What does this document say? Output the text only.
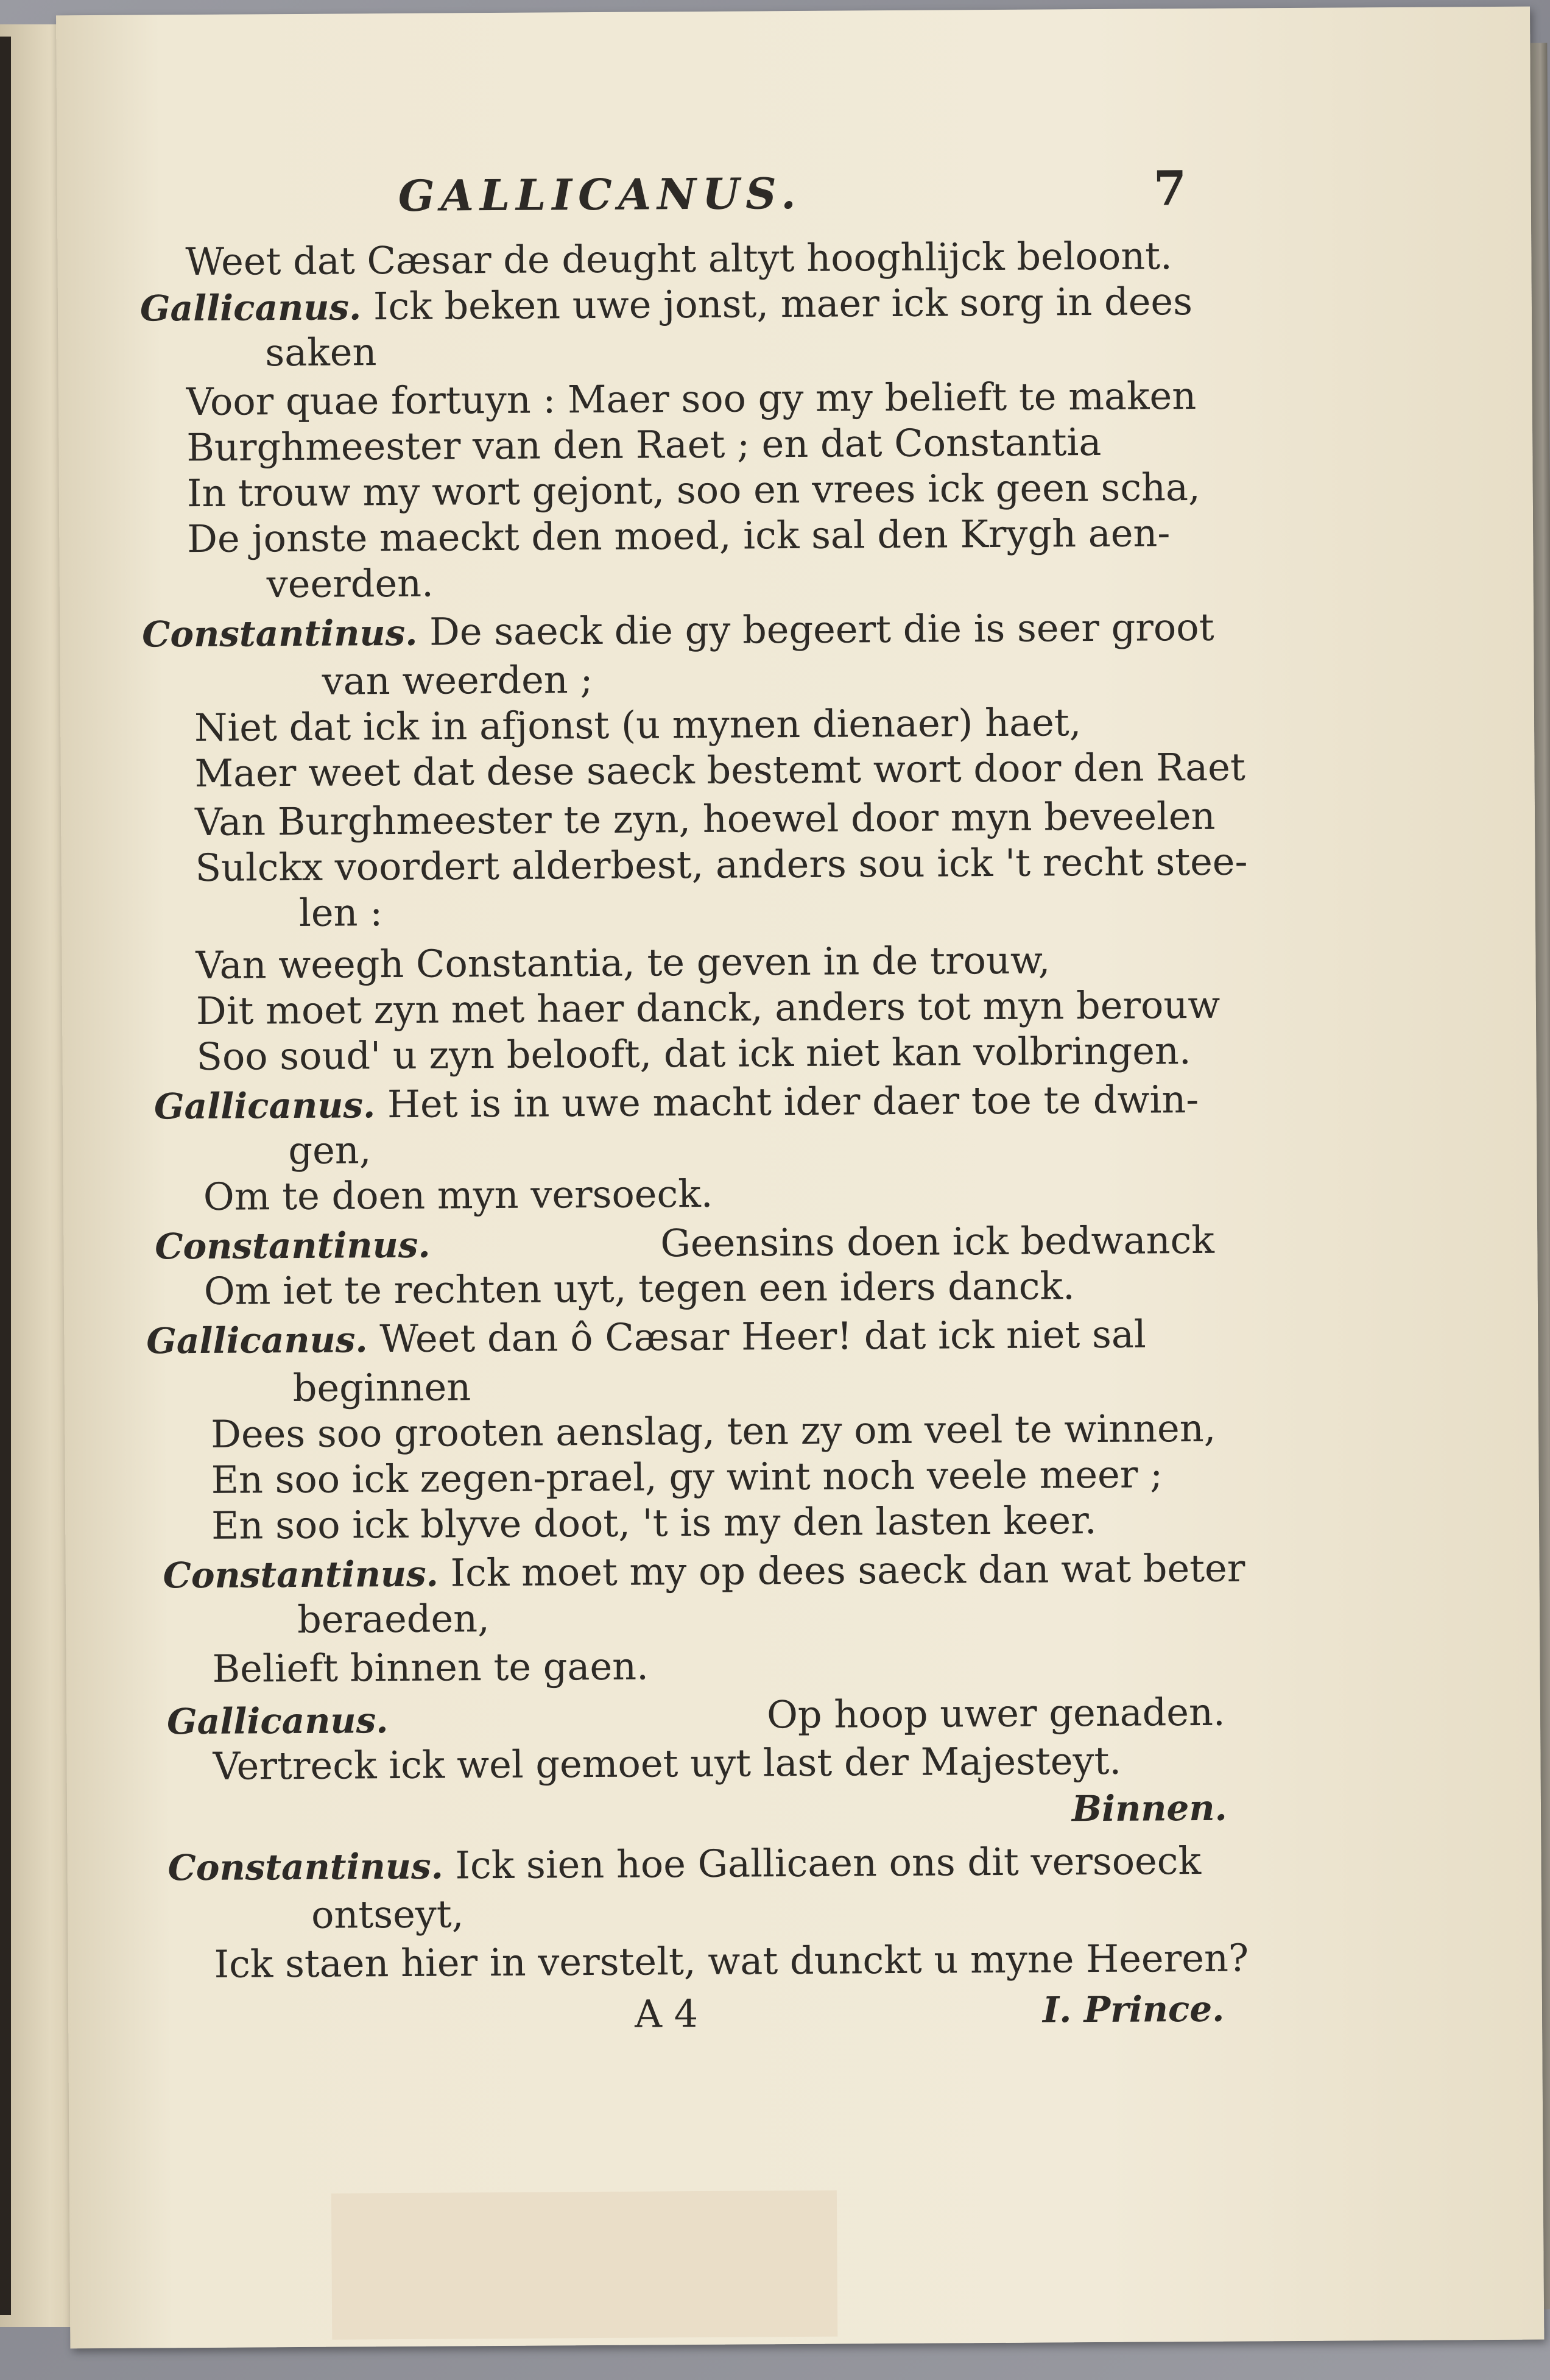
GALLICANUS.	7
Weet dat Cæsar de deught altyt hooghlijck beloont.
Gallicanus. Ick beken uwe jonst, maer ick sorg in dees
saken
Voor quae fortuyn : Maer soo gy my belieft te maken
Burghmeester van den Raet ; en dat Constantia
In trouw my wort gejont, soo en vrees ick geen scha,
De jonste maeckt den moed, ick sal den Krygh aen-
veerden.
Constantinus. De saeck die gy begeert die is seer groot
van weerden ;
Niet dat ick in afjonst (u mynen dienaer) haet,
Maer weet dat dese saeck bestemt wort door den Raet
Van Burghmeester te zyn, hoewel door myn beveelen
Sulckx voordert alderbest, anders sou ick 't recht stee-
len :
Van weegh Constantia, te geven in de trouw,
Dit moet zyn met haer danck, anders tot myn berouw
Soo soud' u zyn belooft, dat ick niet kan volbringen.
Gallicanus. Het is in uwe macht ider daer toe te dwin-
gen,
Om te doen myn versoeck.
Constantinus.	Geensins doen ick bedwanck
Om iet te rechten uyt, tegen een iders danck.
Gallicanus. Weet dan ô Cæsar Heer! dat ick niet sal
beginnen
Dees soo grooten aenslag, ten zy om veel te winnen,
En soo ick zegen-prael, gy wint noch veele meer ;
En soo ick blyve doot, 't is my den lasten keer.
Constantinus. Ick moet my op dees saeck dan wat beter
beraeden,
Belieft binnen te gaen.
Gallicanus.	Op hoop uwer genaden.
Vertreck ick wel gemoet uyt last der Majesteyt.
Binnen.
Constantinus. Ick sien hoe Gallicaen ons dit versoeck
ontseyt,
Ick staen hier in verstelt, wat dunckt u myne Heeren?
A 4	I. Prince.
